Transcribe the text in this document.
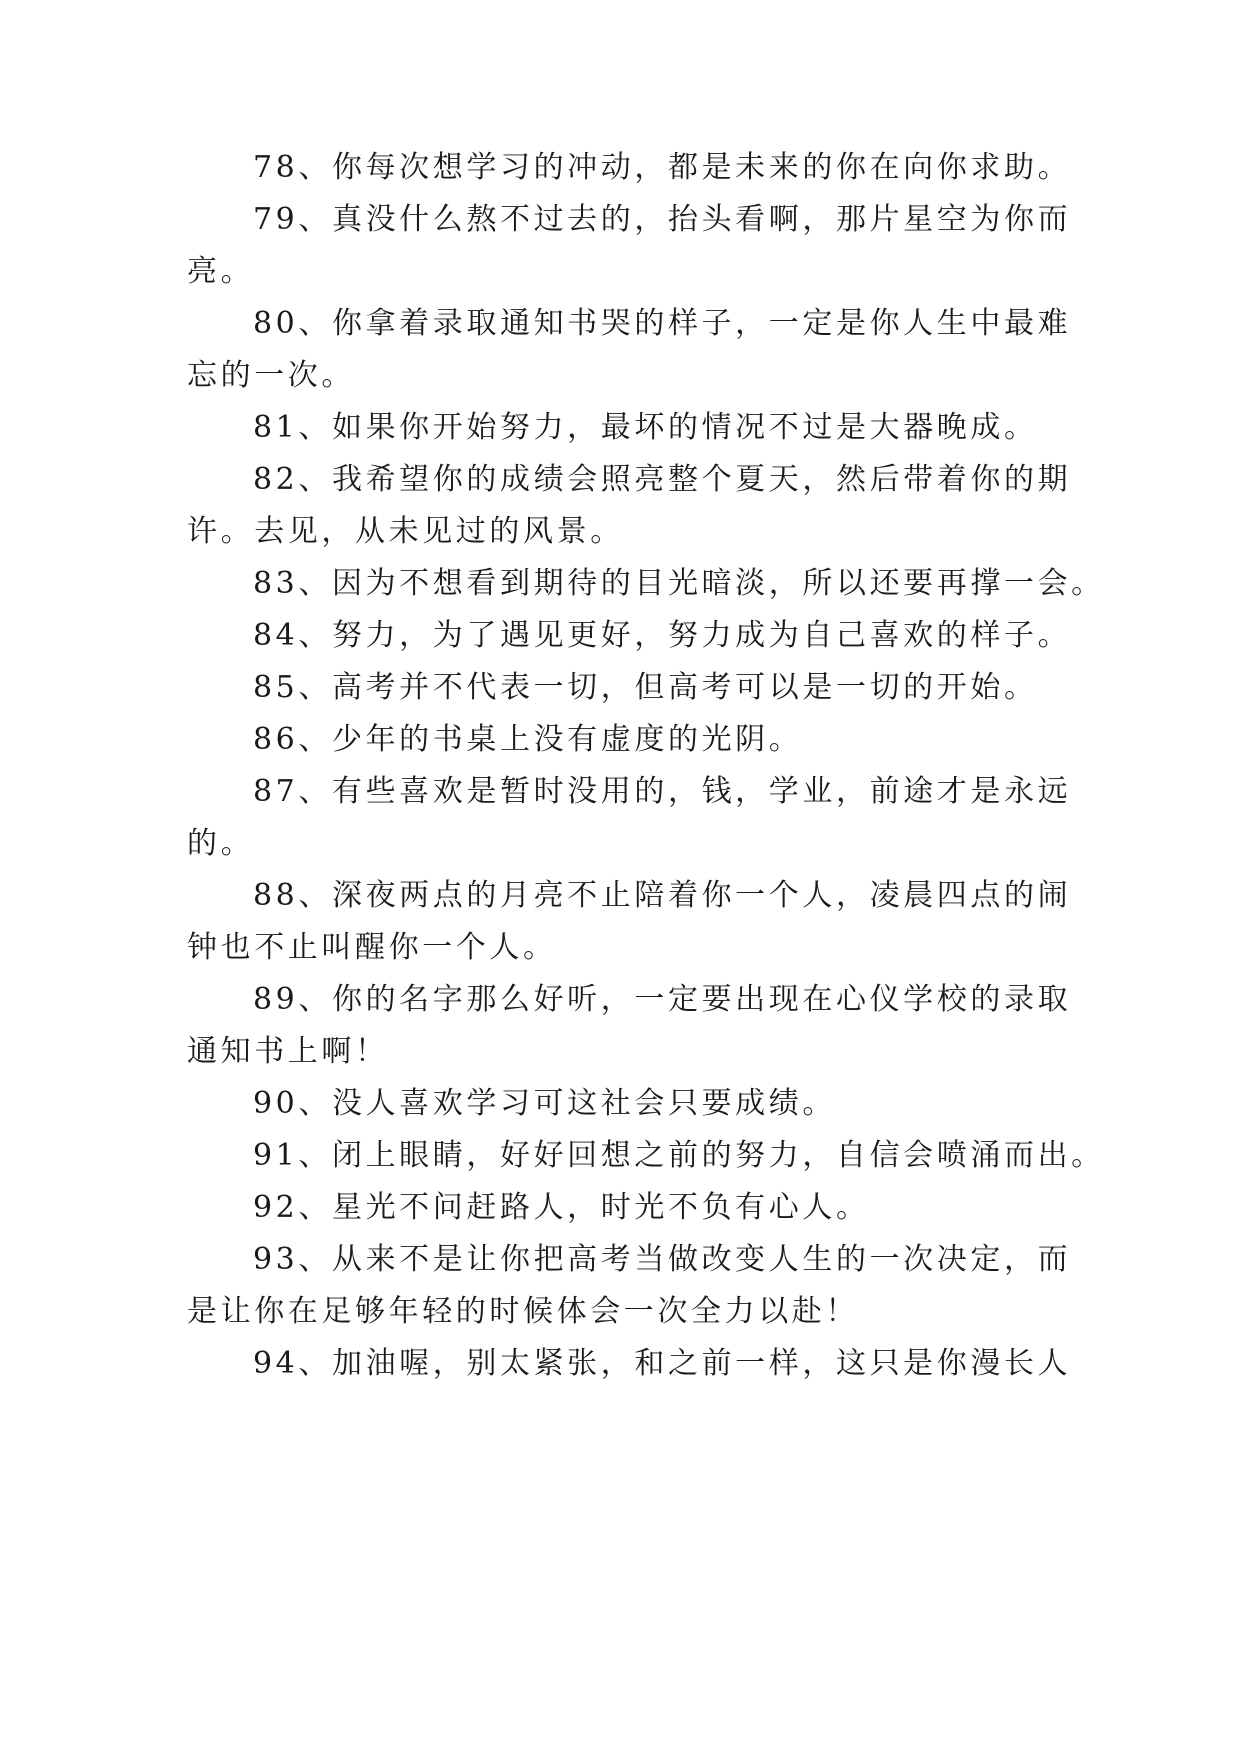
78、你每次想学习的冲动，都是未来的你在向你求助。
79、真没什么熬不过去的，抬头看啊，那片星空为你而
亮。
80、你拿着录取通知书哭的样子，一定是你人生中最难
忘的一次。
81、如果你开始努力，最坏的情况不过是大器晚成。
82、我希望你的成绩会照亮整个夏天，然后带着你的期
许。去见，从未见过的风景。
83、因为不想看到期待的目光暗淡，所以还要再撑一会。
84、努力，为了遇见更好，努力成为自己喜欢的样子。
85、高考并不代表一切，但高考可以是一切的开始。
86、少年的书桌上没有虚度的光阴。
87、有些喜欢是暂时没用的，钱，学业，前途才是永远
的。
88、深夜两点的月亮不止陪着你一个人，凌晨四点的闹
钟也不止叫醒你一个人。
89、你的名字那么好听，一定要出现在心仪学校的录取
通知书上啊！
90、没人喜欢学习可这社会只要成绩。
91、闭上眼睛，好好回想之前的努力，自信会喷涌而出。
92、星光不问赶路人，时光不负有心人。
93、从来不是让你把高考当做改变人生的一次决定，而
是让你在足够年轻的时候体会一次全力以赴！
94、加油喔，别太紧张，和之前一样，这只是你漫长人
